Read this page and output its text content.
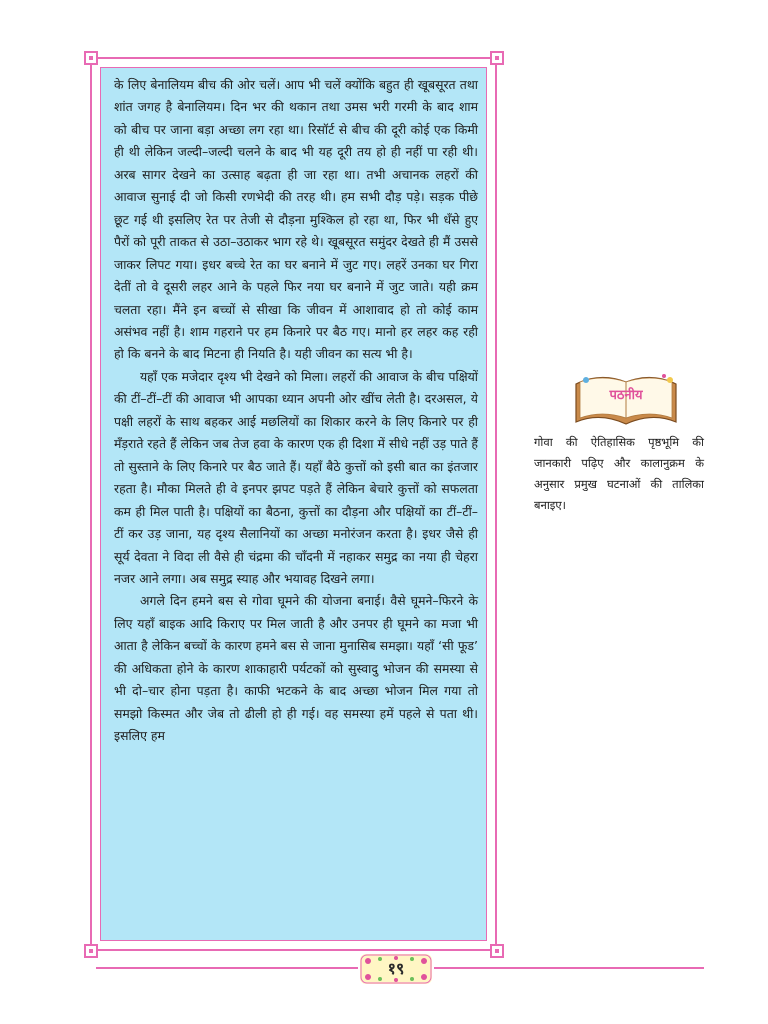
के लिए बेनालियम बीच की ओर चलें। आप भी चलें क्योंकि बहुत ही खूबसूरत तथा शांत जगह है बेनालियम। दिन भर की थकान तथा उमस भरी गरमी के बाद शाम को बीच पर जाना बड़ा अच्छा लग रहा था। रिसॉर्ट से बीच की दूरी कोई एक किमी ही थी लेकिन जल्दी–जल्दी चलने के बाद भी यह दूरी तय हो ही नहीं पा रही थी। अरब सागर देखने का उत्साह बढ़ता ही जा रहा था। तभी अचानक लहरों की आवाज सुनाई दी जो किसी रणभेदी की तरह थी। हम सभी दौड़ पड़े। सड़क पीछे छूट गई थी इसलिए रेत पर तेजी से दौड़ना मुश्किल हो रहा था, फिर भी धँसे हुए पैरों को पूरी ताकत से उठा–उठाकर भाग रहे थे। खूबसूरत समुंदर देखते ही मैं उससे जाकर लिपट गया। इधर बच्चे रेत का घर बनाने में जुट गए। लहरें उनका घर गिरा देतीं तो वे दूसरी लहर आने के पहले फिर नया घर बनाने में जुट जाते। यही क्रम चलता रहा। मैंने इन बच्चों से सीखा कि जीवन में आशावाद हो तो कोई काम असंभव नहीं है। शाम गहराने पर हम किनारे पर बैठ गए। मानो हर लहर कह रही हो कि बनने के बाद मिटना ही नियति है। यही जीवन का सत्य भी है।

यहाँ एक मजेदार दृश्य भी देखने को मिला। लहरों की आवाज के बीच पक्षियों की टीं–टीं–टीं की आवाज भी आपका ध्यान अपनी ओर खींच लेती है। दरअसल, ये पक्षी लहरों के साथ बहकर आई मछलियों का शिकार करने के लिए किनारे पर ही मँड़राते रहते हैं लेकिन जब तेज हवा के कारण एक ही दिशा में सीधे नहीं उड़ पाते हैं तो सुस्ताने के लिए किनारे पर बैठ जाते हैं। यहाँ बैठे कुत्तों को इसी बात का इंतजार रहता है। मौका मिलते ही वे इनपर झपट पड़ते हैं लेकिन बेचारे कुत्तों को सफलता कम ही मिल पाती है। पक्षियों का बैठना, कुत्तों का दौड़ना और पक्षियों का टीं–टीं–टीं कर उड़ जाना, यह दृश्य सैलानियों का अच्छा मनोरंजन करता है। इधर जैसे ही सूर्य देवता ने विदा ली वैसे ही चंद्रमा की चाँदनी में नहाकर समुद्र का नया ही चेहरा नजर आने लगा। अब समुद्र स्याह और भयावह दिखने लगा।

अगले दिन हमने बस से गोवा घूमने की योजना बनाई। वैसे घूमने–फिरने के लिए यहाँ बाइक आदि किराए पर मिल जाती है और उनपर ही घूमने का मजा भी आता है लेकिन बच्चों के कारण हमने बस से जाना मुनासिब समझा। यहाँ ‘सी फूड’ की अधिकता होने के कारण शाकाहारी पर्यटकों को सुस्वादु भोजन की समस्या से भी दो–चार होना पड़ता है। काफी भटकने के बाद अच्छा भोजन मिल गया तो समझो किस्मत और जेब तो ढीली हो ही गई। वह समस्या हमें पहले से पता थी। इसलिए हम

पठनीय
गोवा की ऐतिहासिक पृष्ठभूमि की जानकारी पढ़िए और कालानुक्रम के अनुसार प्रमुख घटनाओं की तालिका बनाइए।
१९
